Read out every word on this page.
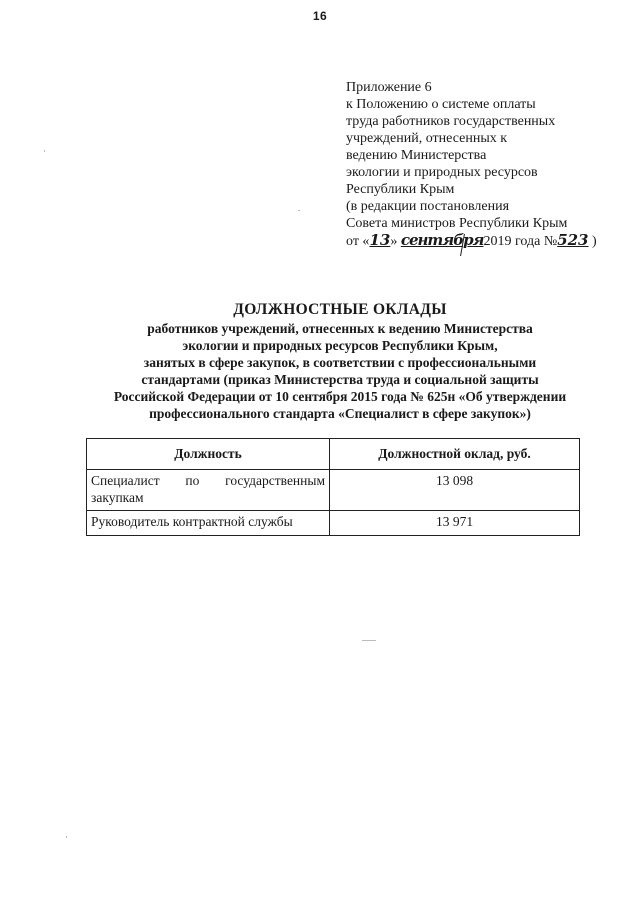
16
Приложение 6
к Положению о системе оплаты
труда работников государственных
учреждений, отнесенных к
ведению Министерства
экологии и природных ресурсов
Республики Крым
(в редакции постановления
Совета министров Республики Крым
от «13» сентября2019 года №523 )
ДОЛЖНОСТНЫЕ ОКЛАДЫ
работников учреждений, отнесенных к ведению Министерства
экологии и природных ресурсов Республики Крым,
занятых в сфере закупок, в соответствии с профессиональными
стандартами (приказ Министерства труда и социальной защиты
Российской Федерации от 10 сентября 2015 года № 625н «Об утверждении
профессионального стандарта «Специалист в сфере закупок»)
Должность	Должностной оклад, руб.
Специалист по государственным закупкам	13 098
Руководитель контрактной службы	13 971
